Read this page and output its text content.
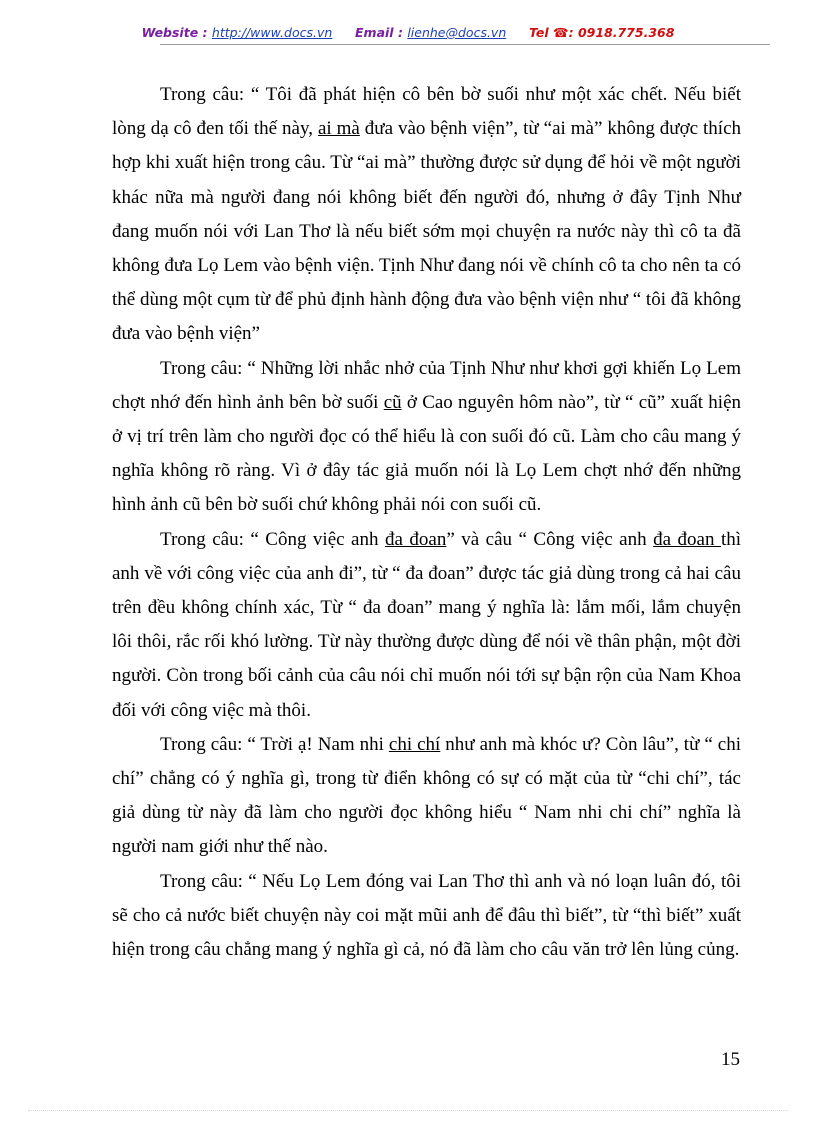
Website : http://www.docs.vn Email : lienhe@docs.vn Tel ☎: 0918.775.368

Trong câu: “ Tôi đã phát hiện cô bên bờ suối như một xác chết. Nếu biết lòng dạ cô đen tối thế này, ai mà đưa vào bệnh viện”, từ “ai mà” không được thích hợp khi xuất hiện trong câu. Từ “ai mà” thường được sử dụng để hỏi về một người khác nữa mà người đang nói không biết đến người đó, nhưng ở đây Tịnh Như đang muốn nói với Lan Thơ là nếu biết sớm mọi chuyện ra nước này thì cô ta đã không đưa Lọ Lem vào bệnh viện. Tịnh Như đang nói về chính cô ta cho nên ta có thể dùng một cụm từ để phủ định hành động đưa vào bệnh viện như “ tôi đã không đưa vào bệnh viện”

Trong câu: “ Những lời nhắc nhở của Tịnh Như như khơi gợi khiến Lọ Lem chợt nhớ đến hình ảnh bên bờ suối cũ ở Cao nguyên hôm nào”, từ “ cũ” xuất hiện ở vị trí trên làm cho người đọc có thể hiểu là con suối đó cũ. Làm cho câu mang ý nghĩa không rõ ràng. Vì ở đây tác giả muốn nói là Lọ Lem chợt nhớ đến những hình ảnh cũ bên bờ suối chứ không phải nói con suối cũ.

Trong câu: “ Công việc anh đa đoan” và câu “ Công việc anh đa đoan thì anh về với công việc của anh đi”, từ “ đa đoan” được tác giả dùng trong cả hai câu trên đều không chính xác, Từ “ đa đoan” mang ý nghĩa là: lắm mối, lắm chuyện lôi thôi, rắc rối khó lường. Từ này thường được dùng để nói về thân phận, một đời người. Còn trong bối cảnh của câu nói chỉ muốn nói tới sự bận rộn của Nam Khoa đối với công việc mà thôi.

Trong câu: “ Trời ạ! Nam nhi chi chí như anh mà khóc ư? Còn lâu”, từ “ chi chí” chẳng có ý nghĩa gì, trong từ điển không có sự có mặt của từ “chi chí”, tác giả dùng từ này đã làm cho người đọc không hiểu “ Nam nhi chi chí” nghĩa là người nam giới như thế nào.

Trong câu: “ Nếu Lọ Lem đóng vai Lan Thơ thì anh và nó loạn luân đó, tôi sẽ cho cả nước biết chuyện này coi mặt mũi anh để đâu thì biết”, từ “thì biết” xuất hiện trong câu chẳng mang ý nghĩa gì cả, nó đã làm cho câu văn trở lên lủng củng.

15
